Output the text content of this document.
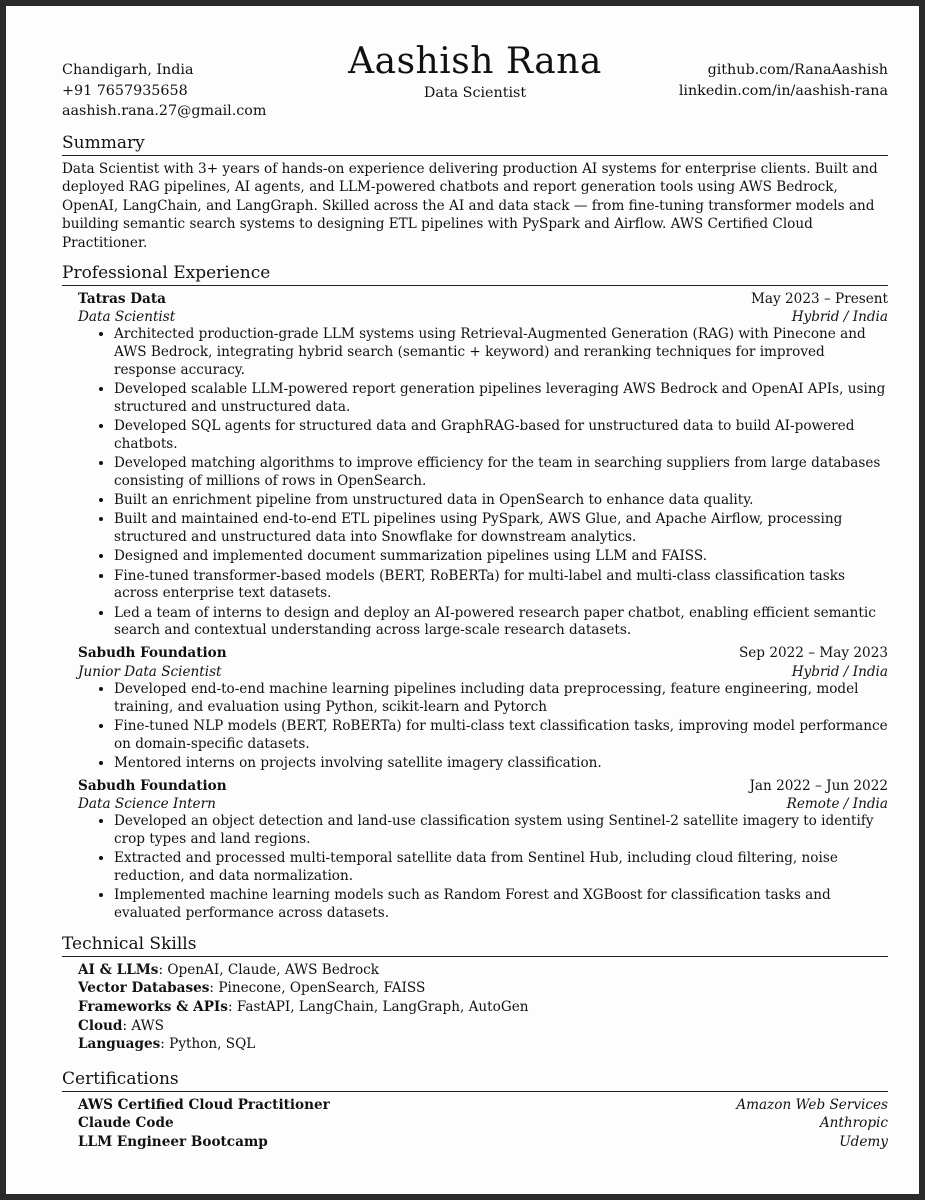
Chandigarh, India
+91 7657935658
aashish.rana.27@gmail.com
Aashish Rana
Data Scientist
github.com/RanaAashish
linkedin.com/in/aashish-rana
Summary

Data Scientist with 3+ years of hands-on experience delivering production AI systems for enterprise clients. Built and deployed RAG pipelines, AI agents, and LLM-powered chatbots and report generation tools using AWS Bedrock, OpenAI, LangChain, and LangGraph. Skilled across the AI and data stack — from fine-tuning transformer models and building semantic search systems to designing ETL pipelines with PySpark and Airflow. AWS Certified Cloud Practitioner.

Professional Experience
Tatras Data	May 2023 – Present
Data Scientist	Hybrid / India
• Architected production-grade LLM systems using Retrieval-Augmented Generation (RAG) with Pinecone and AWS Bedrock, integrating hybrid search (semantic + keyword) and reranking techniques for improved response accuracy.
• Developed scalable LLM-powered report generation pipelines leveraging AWS Bedrock and OpenAI APIs, using structured and unstructured data.
• Developed SQL agents for structured data and GraphRAG-based for unstructured data to build AI-powered chatbots.
• Developed matching algorithms to improve efficiency for the team in searching suppliers from large databases consisting of millions of rows in OpenSearch.
• Built an enrichment pipeline from unstructured data in OpenSearch to enhance data quality.
• Built and maintained end-to-end ETL pipelines using PySpark, AWS Glue, and Apache Airflow, processing structured and unstructured data into Snowflake for downstream analytics.
• Designed and implemented document summarization pipelines using LLM and FAISS.
• Fine-tuned transformer-based models (BERT, RoBERTa) for multi-label and multi-class classification tasks across enterprise text datasets.
• Led a team of interns to design and deploy an AI-powered research paper chatbot, enabling efficient semantic search and contextual understanding across large-scale research datasets.
Sabudh Foundation	Sep 2022 – May 2023
Junior Data Scientist	Hybrid / India
• Developed end-to-end machine learning pipelines including data preprocessing, feature engineering, model training, and evaluation using Python, scikit-learn and Pytorch
• Fine-tuned NLP models (BERT, RoBERTa) for multi-class text classification tasks, improving model performance on domain-specific datasets.
• Mentored interns on projects involving satellite imagery classification.
Sabudh Foundation	Jan 2022 – Jun 2022
Data Science Intern	Remote / India
• Developed an object detection and land-use classification system using Sentinel-2 satellite imagery to identify crop types and land regions.
• Extracted and processed multi-temporal satellite data from Sentinel Hub, including cloud filtering, noise reduction, and data normalization.
• Implemented machine learning models such as Random Forest and XGBoost for classification tasks and evaluated performance across datasets.
Technical Skills
AI & LLMs: OpenAI, Claude, AWS Bedrock
Vector Databases: Pinecone, OpenSearch, FAISS
Frameworks & APIs: FastAPI, LangChain, LangGraph, AutoGen
Cloud: AWS
Languages: Python, SQL
Certifications
AWS Certified Cloud Practitioner	Amazon Web Services
Claude Code	Anthropic
LLM Engineer Bootcamp	Udemy
